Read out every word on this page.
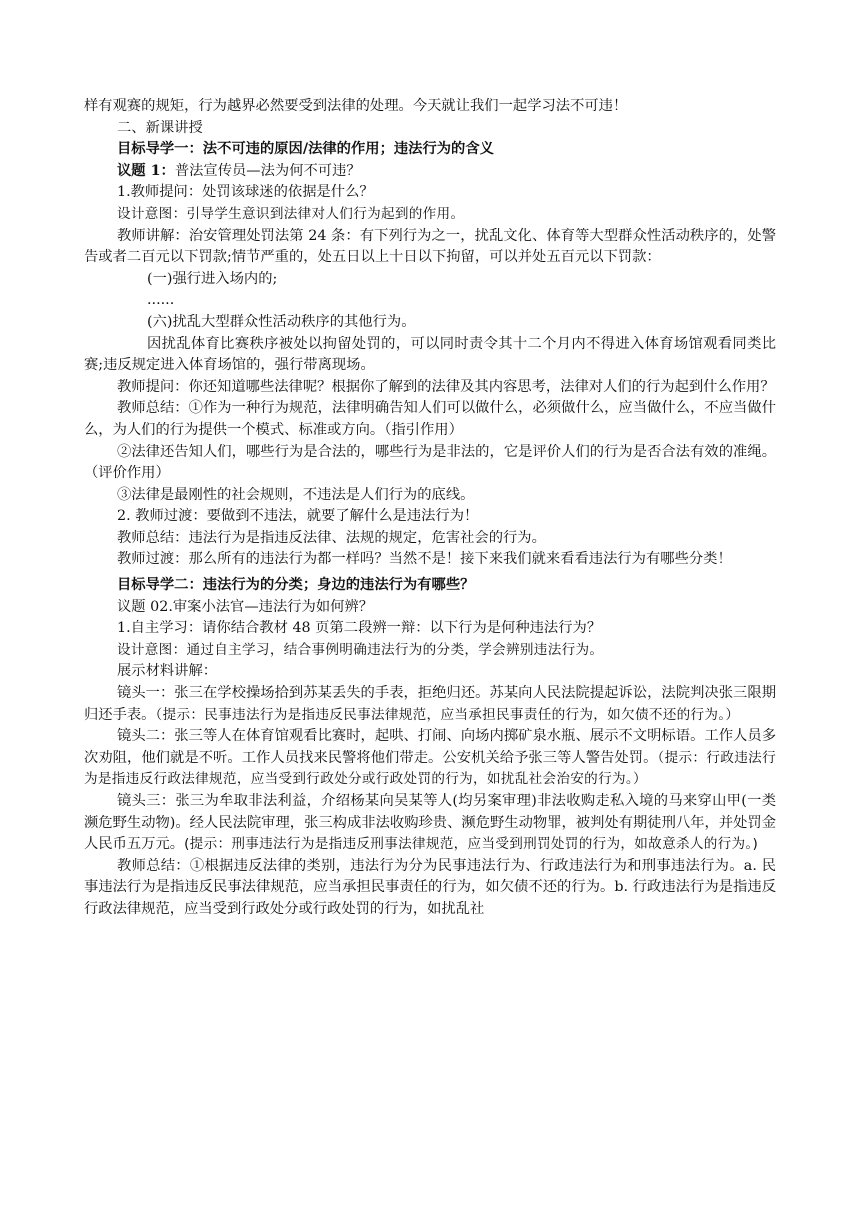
样有观赛的规矩，行为越界必然要受到法律的处理。今天就让我们一起学习法不可违！

二、新课讲授

目标导学一：法不可违的原因/法律的作用；违法行为的含义

议题 1：普法宣传员—法为何不可违？

1.教师提问：处罚该球迷的依据是什么？

设计意图：引导学生意识到法律对人们行为起到的作用。

教师讲解：治安管理处罚法第 24 条：有下列行为之一，扰乱文化、体育等大型群众性活动秩序的，处警告或者二百元以下罚款;情节严重的，处五日以上十日以下拘留，可以并处五百元以下罚款：

(一)强行进入场内的;

......

(六)扰乱大型群众性活动秩序的其他行为。

因扰乱体育比赛秩序被处以拘留处罚的，可以同时责令其十二个月内不得进入体育场馆观看同类比赛;违反规定进入体育场馆的，强行带离现场。

教师提问：你还知道哪些法律呢？根据你了解到的法律及其内容思考，法律对人们的行为起到什么作用？

教师总结：①作为一种行为规范，法律明确告知人们可以做什么，必须做什么，应当做什么，不应当做什么，为人们的行为提供一个模式、标准或方向。（指引作用）

②法律还告知人们，哪些行为是合法的，哪些行为是非法的，它是评价人们的行为是否合法有效的准绳。（评价作用）

③法律是最刚性的社会规则，不违法是人们行为的底线。

2. 教师过渡：要做到不违法，就要了解什么是违法行为！

教师总结：违法行为是指违反法律、法规的规定，危害社会的行为。

教师过渡：那么所有的违法行为都一样吗？当然不是！接下来我们就来看看违法行为有哪些分类！

目标导学二：违法行为的分类；身边的违法行为有哪些？

议题 02.审案小法官—违法行为如何辨？

1.自主学习：请你结合教材 48 页第二段辨一辩：以下行为是何种违法行为？

设计意图：通过自主学习，结合事例明确违法行为的分类，学会辨别违法行为。

展示材料讲解：

镜头一：张三在学校操场拾到苏某丢失的手表，拒绝归还。苏某向人民法院提起诉讼，法院判决张三限期归还手表。（提示：民事违法行为是指违反民事法律规范，应当承担民事责任的行为，如欠债不还的行为。）

镜头二：张三等人在体育馆观看比赛时，起哄、打闹、向场内掷矿泉水瓶、展示不文明标语。工作人员多次劝阻，他们就是不听。工作人员找来民警将他们带走。公安机关给予张三等人警告处罚。（提示：行政违法行为是指违反行政法律规范，应当受到行政处分或行政处罚的行为，如扰乱社会治安的行为。）

镜头三：张三为牟取非法利益，介绍杨某向吴某等人(均另案审理)非法收购走私入境的马来穿山甲(一类濒危野生动物)。经人民法院审理，张三构成非法收购珍贵、濒危野生动物罪，被判处有期徒刑八年，并处罚金人民币五万元。(提示：刑事违法行为是指违反刑事法律规范，应当受到刑罚处罚的行为，如故意杀人的行为。)

教师总结：①根据违反法律的类别，违法行为分为民事违法行为、行政违法行为和刑事违法行为。a. 民事违法行为是指违反民事法律规范，应当承担民事责任的行为，如欠债不还的行为。b. 行政违法行为是指违反行政法律规范，应当受到行政处分或行政处罚的行为，如扰乱社
